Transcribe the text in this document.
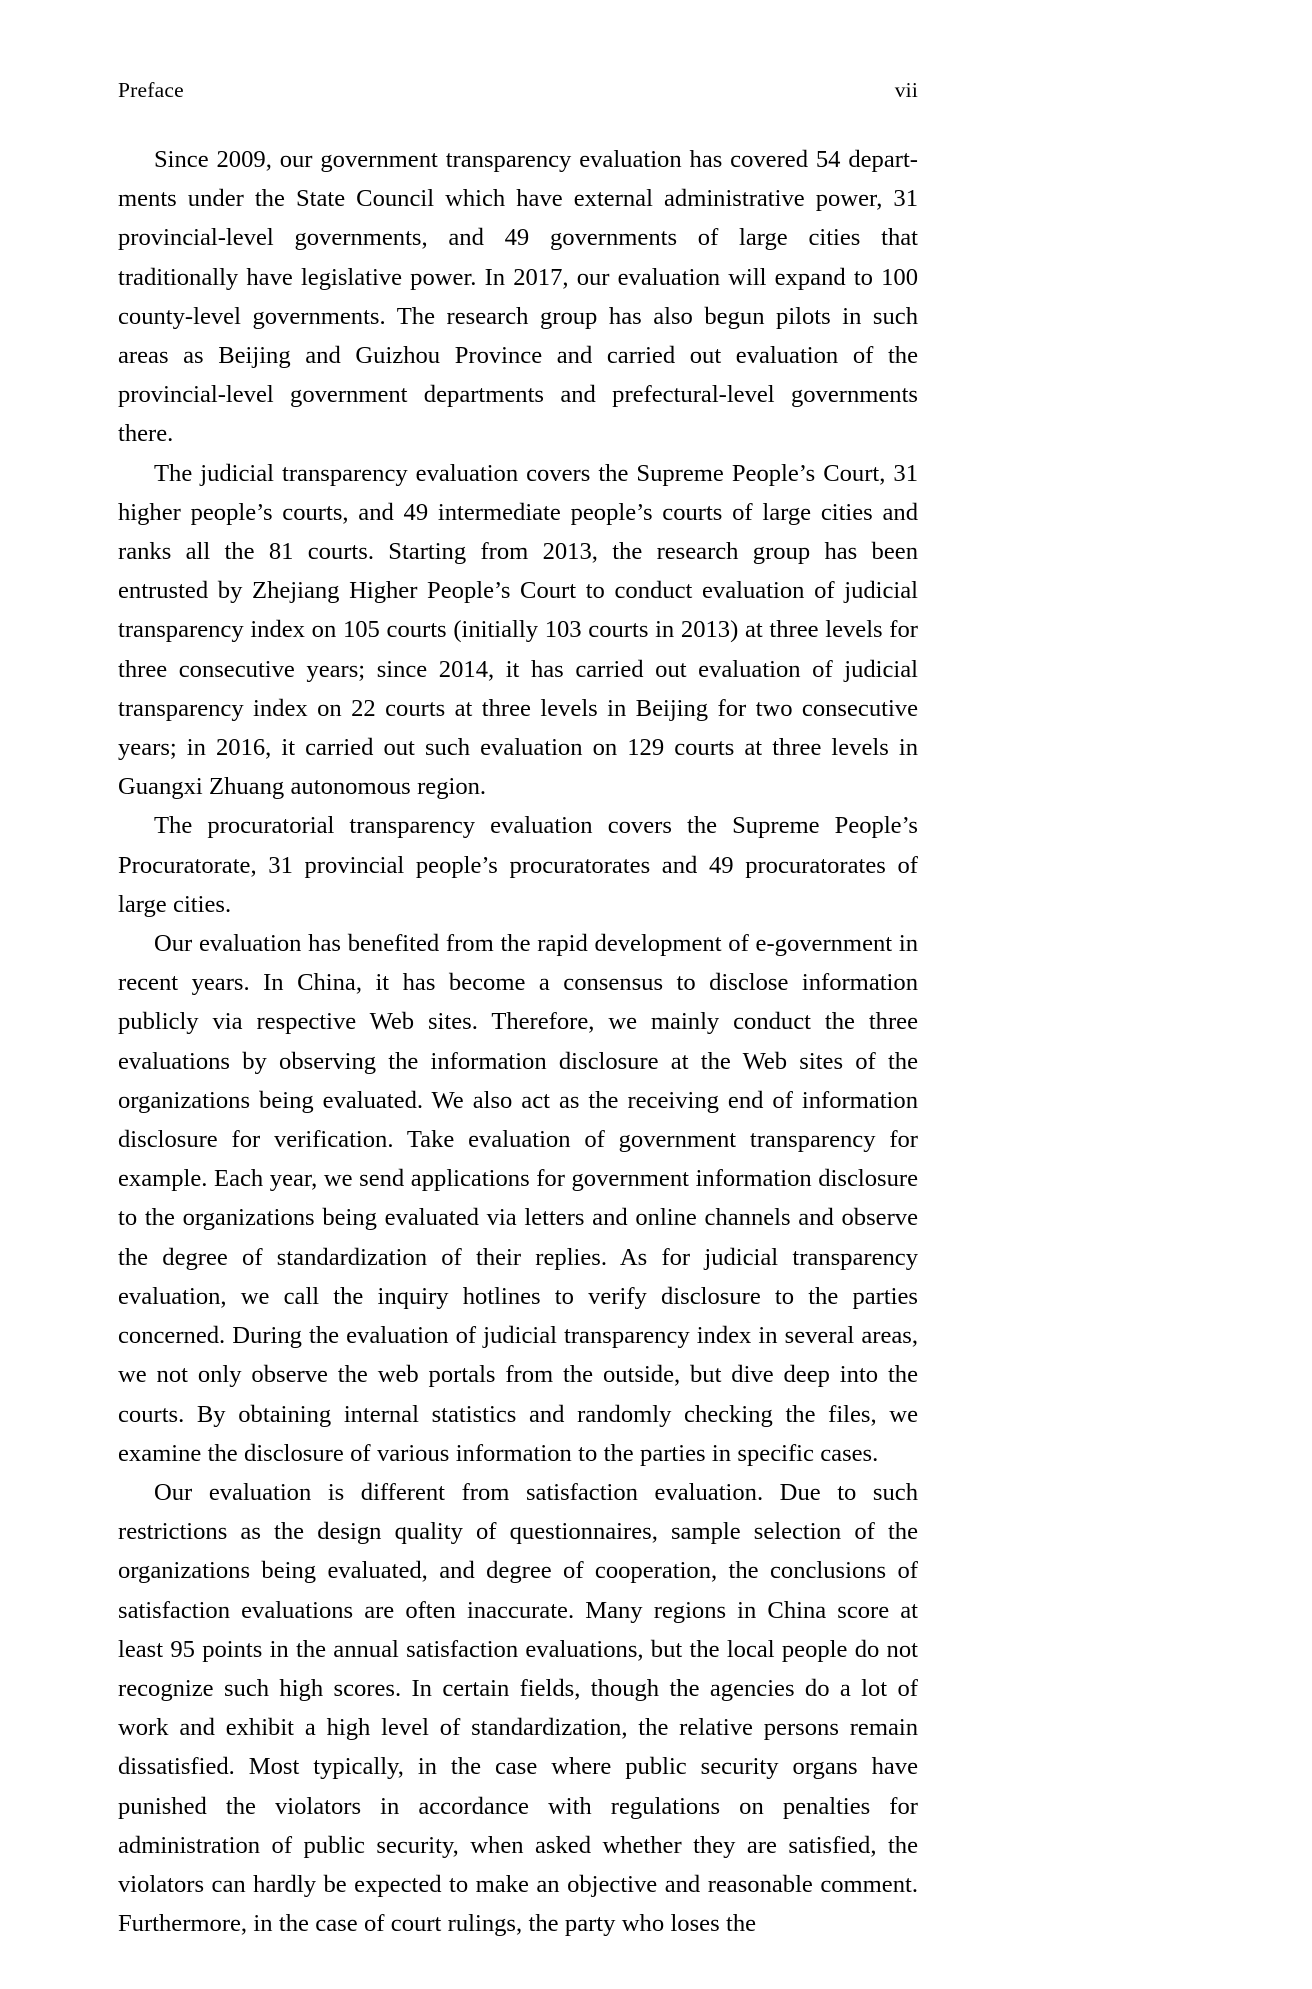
Preface	vii

Since 2009, our government transparency evaluation has covered 54 departments under the State Council which have external administrative power, 31 provincial-level governments, and 49 governments of large cities that traditionally have legislative power. In 2017, our evaluation will expand to 100 county-level governments. The research group has also begun pilots in such areas as Beijing and Guizhou Province and carried out evaluation of the provincial-level government departments and prefectural-level governments there.

The judicial transparency evaluation covers the Supreme People’s Court, 31 higher people’s courts, and 49 intermediate people’s courts of large cities and ranks all the 81 courts. Starting from 2013, the research group has been entrusted by Zhejiang Higher People’s Court to conduct evaluation of judicial transparency index on 105 courts (initially 103 courts in 2013) at three levels for three consecutive years; since 2014, it has carried out evaluation of judicial transparency index on 22 courts at three levels in Beijing for two consecutive years; in 2016, it carried out such evaluation on 129 courts at three levels in Guangxi Zhuang autonomous region.

The procuratorial transparency evaluation covers the Supreme People’s Procuratorate, 31 provincial people’s procuratorates and 49 procuratorates of large cities.

Our evaluation has benefited from the rapid development of e-government in recent years. In China, it has become a consensus to disclose information publicly via respective Web sites. Therefore, we mainly conduct the three evaluations by observing the information disclosure at the Web sites of the organizations being evaluated. We also act as the receiving end of information disclosure for verification. Take evaluation of government transparency for example. Each year, we send applications for government information disclosure to the organizations being evaluated via letters and online channels and observe the degree of standardization of their replies. As for judicial transparency evaluation, we call the inquiry hotlines to verify disclosure to the parties concerned. During the evaluation of judicial transparency index in several areas, we not only observe the web portals from the outside, but dive deep into the courts. By obtaining internal statistics and randomly checking the files, we examine the disclosure of various information to the parties in specific cases.

Our evaluation is different from satisfaction evaluation. Due to such restrictions as the design quality of questionnaires, sample selection of the organizations being evaluated, and degree of cooperation, the conclusions of satisfaction evaluations are often inaccurate. Many regions in China score at least 95 points in the annual satisfaction evaluations, but the local people do not recognize such high scores. In certain fields, though the agencies do a lot of work and exhibit a high level of standardization, the relative persons remain dissatisfied. Most typically, in the case where public security organs have punished the violators in accordance with regulations on penalties for administration of public security, when asked whether they are satisfied, the violators can hardly be expected to make an objective and reasonable comment. Furthermore, in the case of court rulings, the party who loses the
